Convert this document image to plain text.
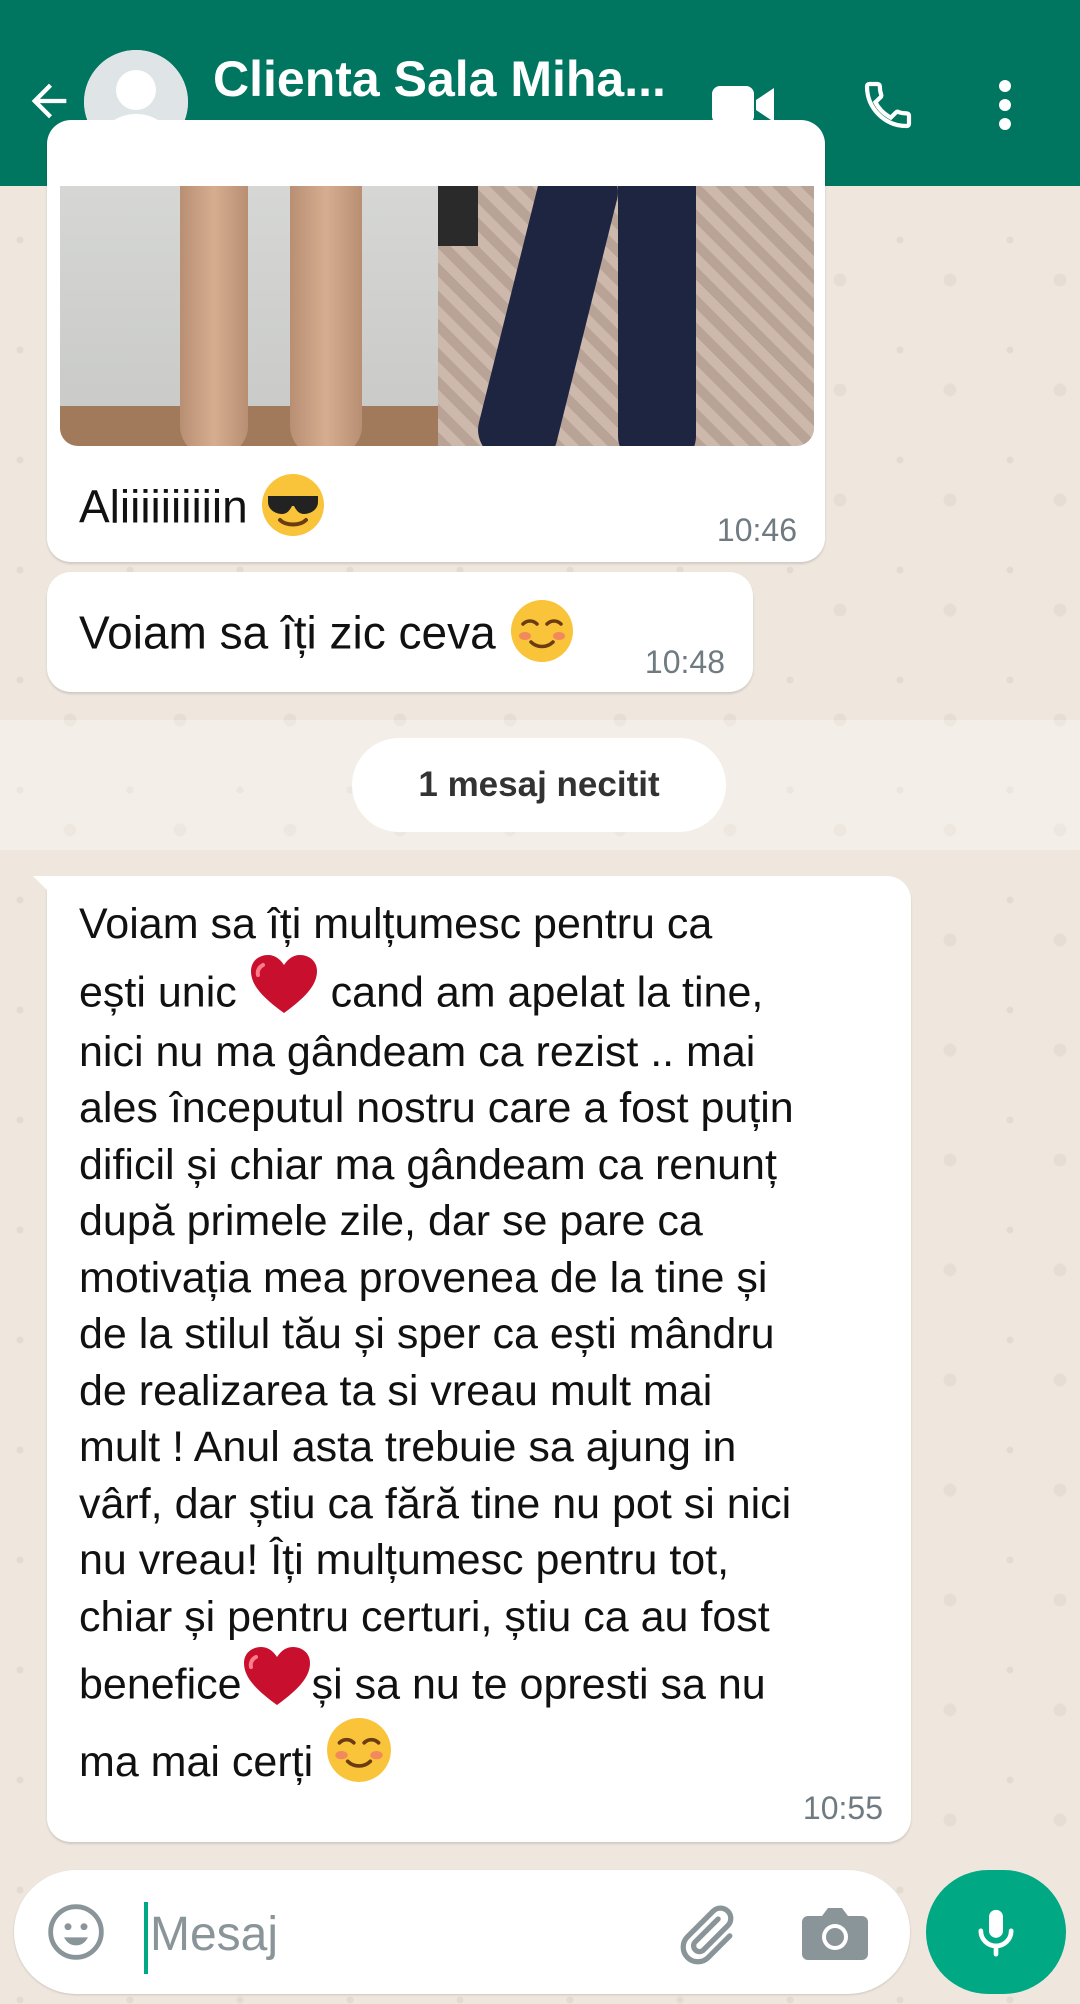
Clienta Sala Miha...
Aliiiiiiiiiin	10:46
Voiam sa îți zic ceva
10:48
1 mesaj necitit
Voiam sa îți mulțumesc pentru ca
ești unic cand am apelat la tine,
nici nu ma gândeam ca rezist .. mai
ales începutul nostru care a fost puțin
dificil și chiar ma gândeam ca renunț
după primele zile, dar se pare ca
motivația mea provenea de la tine și
de la stilul tău și sper ca ești mândru
de realizarea ta si vreau mult mai
mult ! Anul asta trebuie sa ajung in
vârf, dar știu ca fără tine nu pot si nici
nu vreau! Îți mulțumesc pentru tot,
chiar și pentru certuri, știu ca au fost
benefice și sa nu te opresti sa nu
ma mai cerți
10:55
Mesaj
